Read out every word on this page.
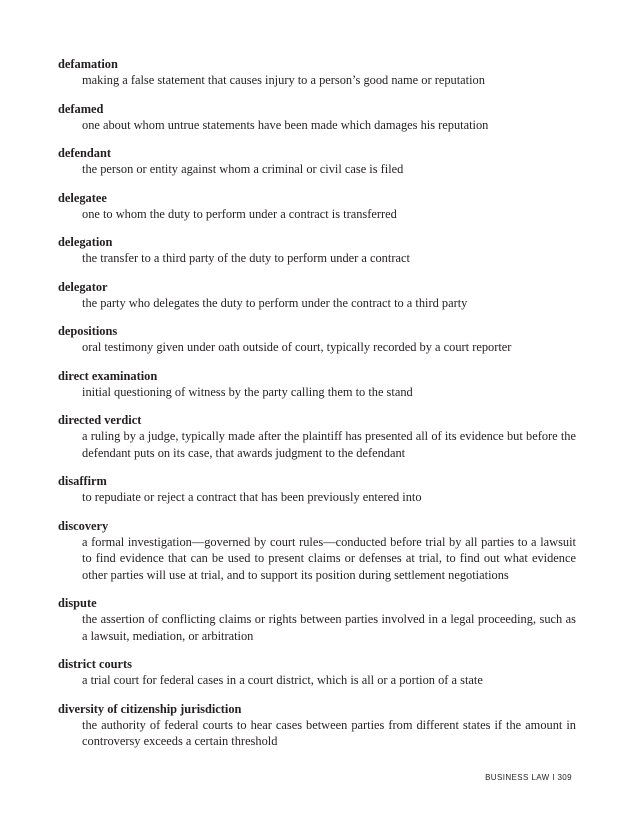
defamation

making a false statement that causes injury to a person’s good name or reputation

defamed

one about whom untrue statements have been made which damages his reputation

defendant

the person or entity against whom a criminal or civil case is filed

delegatee

one to whom the duty to perform under a contract is transferred

delegation

the transfer to a third party of the duty to perform under a contract

delegator

the party who delegates the duty to perform under the contract to a third party

depositions

oral testimony given under oath outside of court, typically recorded by a court reporter

direct examination

initial questioning of witness by the party calling them to the stand

directed verdict

a ruling by a judge, typically made after the plaintiff has presented all of its evidence but before the defendant puts on its case, that awards judgment to the defendant

disaffirm

to repudiate or reject a contract that has been previously entered into

discovery

a formal investigation—governed by court rules—conducted before trial by all parties to a lawsuit to find evidence that can be used to present claims or defenses at trial, to find out what evidence other parties will use at trial, and to support its position during settlement negotiations

dispute

the assertion of conflicting claims or rights between parties involved in a legal proceeding, such as a lawsuit, mediation, or arbitration

district courts

a trial court for federal cases in a court district, which is all or a portion of a state

diversity of citizenship jurisdiction

the authority of federal courts to hear cases between parties from different states if the amount in controversy exceeds a certain threshold

BUSINESS LAW I 309
